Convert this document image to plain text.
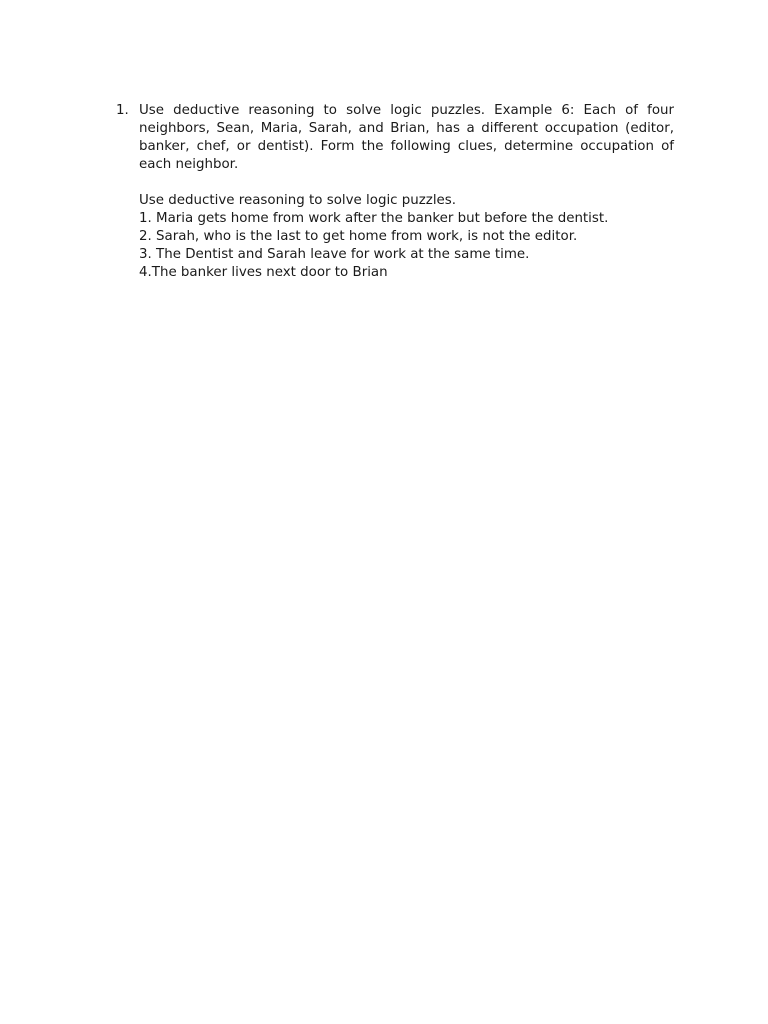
1. Use deductive reasoning to solve logic puzzles. Example 6: Each of four neighbors, Sean, Maria, Sarah, and Brian, has a different occupation (editor, banker, chef, or dentist). Form the following clues, determine occupation of each neighbor.

Use deductive reasoning to solve logic puzzles.

1. Maria gets home from work after the banker but before the dentist.
2. Sarah, who is the last to get home from work, is not the editor.
3. The Dentist and Sarah leave for work at the same time.
4.The banker lives next door to Brian
